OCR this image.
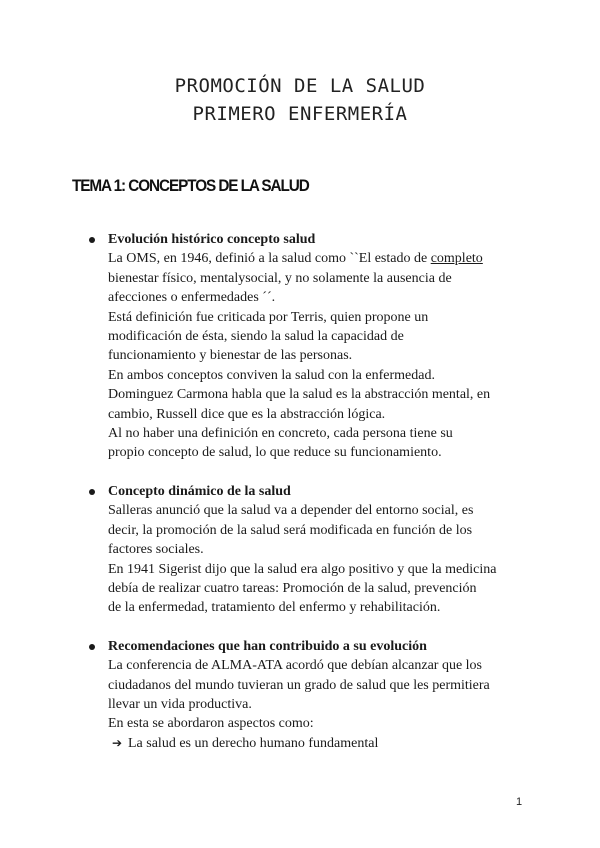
PROMOCIÓN DE LA SALUD
PRIMERO ENFERMERÍA
TEMA 1: CONCEPTOS DE LA SALUD
Evolución histórico concepto salud
La OMS, en 1946, definió a la salud como ``El estado de completo
bienestar físico, mentalysocial, y no solamente la ausencia de
afecciones o enfermedades ´´.
Está definición fue criticada por Terris, quien propone un
modificación de ésta, siendo la salud la capacidad de
funcionamiento y bienestar de las personas.
En ambos conceptos conviven la salud con la enfermedad.
Dominguez Carmona habla que la salud es la abstracción mental, en
cambio, Russell dice que es la abstracción lógica.
Al no haber una definición en concreto, cada persona tiene su
propio concepto de salud, lo que reduce su funcionamiento.
Concepto dinámico de la salud
Salleras anunció que la salud va a depender del entorno social, es
decir, la promoción de la salud será modificada en función de los
factores sociales.
En 1941 Sigerist dijo que la salud era algo positivo y que la medicina
debía de realizar cuatro tareas: Promoción de la salud, prevención
de la enfermedad, tratamiento del enfermo y rehabilitación.
Recomendaciones que han contribuido a su evolución
La conferencia de ALMA-ATA acordó que debían alcanzar que los
ciudadanos del mundo tuvieran un grado de salud que les permitiera
llevar un vida productiva.
En esta se abordaron aspectos como:
➔ La salud es un derecho humano fundamental
1
